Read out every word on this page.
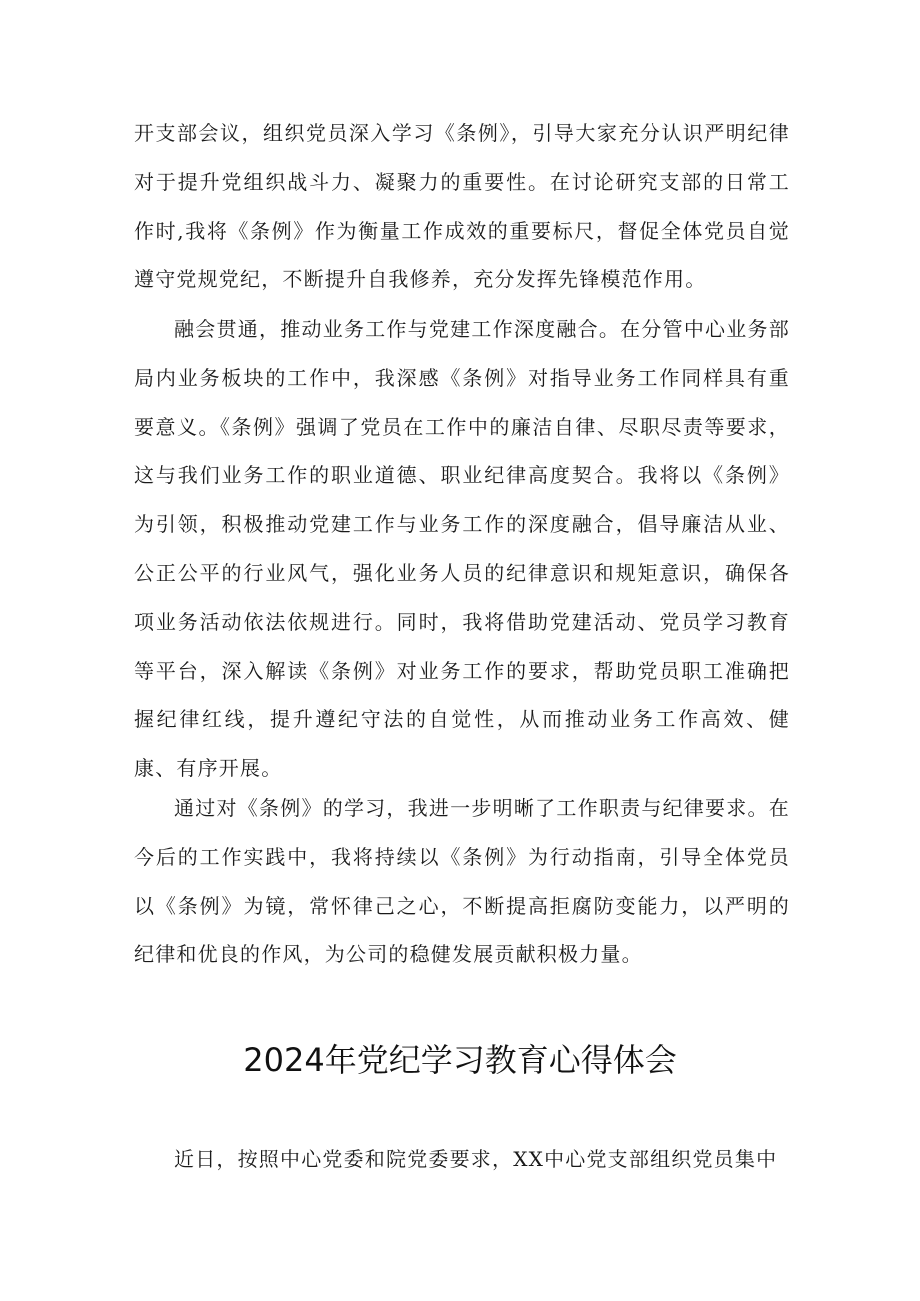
开支部会议，组织党员深入学习《条例》，引导大家充分认识严明纪律对于提升党组织战斗力、凝聚力的重要性。在讨论研究支部的日常工作时,我将《条例》作为衡量工作成效的重要标尺，督促全体党员自觉遵守党规党纪，不断提升自我修养，充分发挥先锋模范作用。

融会贯通，推动业务工作与党建工作深度融合。在分管中心业务部局内业务板块的工作中，我深感《条例》对指导业务工作同样具有重要意义。《条例》强调了党员在工作中的廉洁自律、尽职尽责等要求，这与我们业务工作的职业道德、职业纪律高度契合。我将以《条例》为引领，积极推动党建工作与业务工作的深度融合，倡导廉洁从业、公正公平的行业风气，强化业务人员的纪律意识和规矩意识，确保各项业务活动依法依规进行。同时，我将借助党建活动、党员学习教育等平台，深入解读《条例》对业务工作的要求，帮助党员职工准确把握纪律红线，提升遵纪守法的自觉性，从而推动业务工作高效、健康、有序开展。

通过对《条例》的学习，我进一步明晰了工作职责与纪律要求。在今后的工作实践中，我将持续以《条例》为行动指南，引导全体党员以《条例》为镜，常怀律己之心，不断提高拒腐防变能力，以严明的纪律和优良的作风，为公司的稳健发展贡献积极力量。

2024年党纪学习教育心得体会

近日，按照中心党委和院党委要求，XX中心党支部组织党员集中
